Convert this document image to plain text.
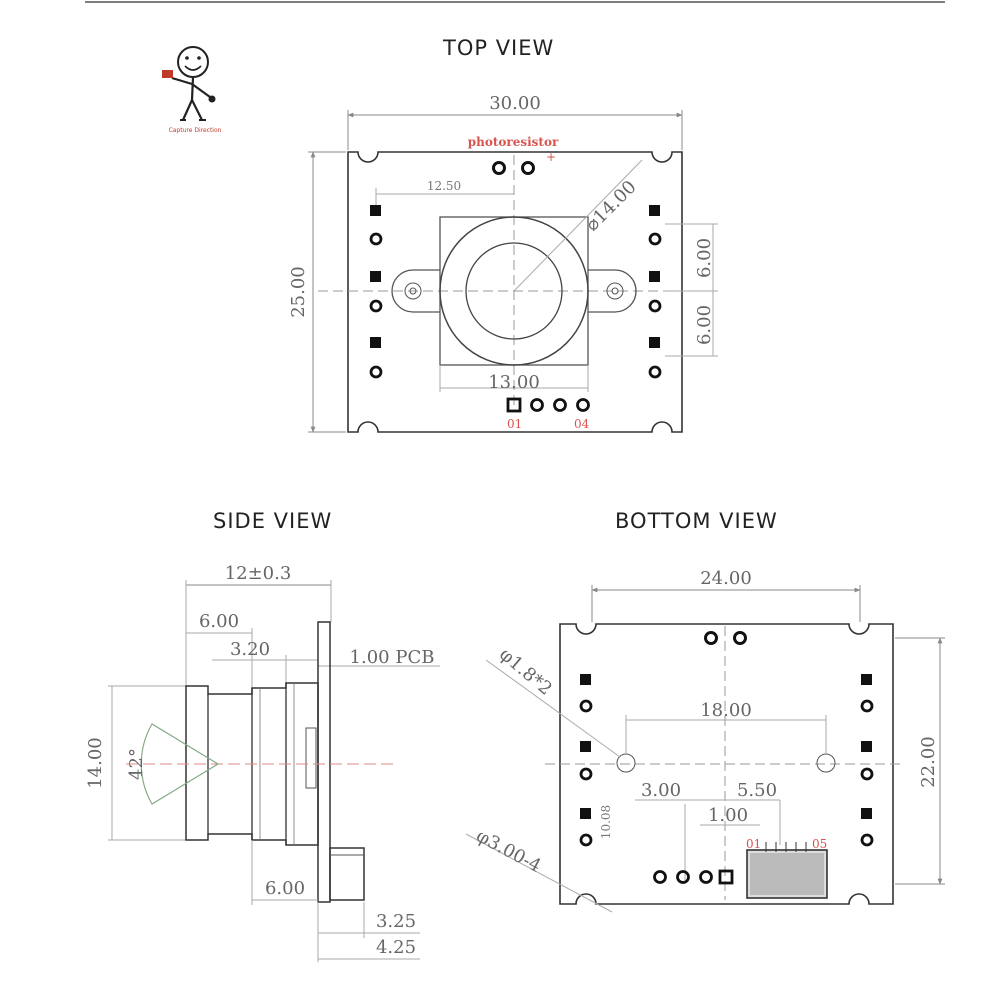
TOP VIEW
SIDE VIEW	BOTTOM VIEW
Capture Direction
30.00
25.00
photoresistor
+
12.50	⌀14.00
13.00
6.00
6.00
01	04
12±0.3
6.00
3.20	1.00 PCB
14.00 42°
6.00
3.25
4.25
24.00
22.00
18.00
φ1.8*2
φ3.00-4
3.00	5.50
1.00
10.08
01	05
